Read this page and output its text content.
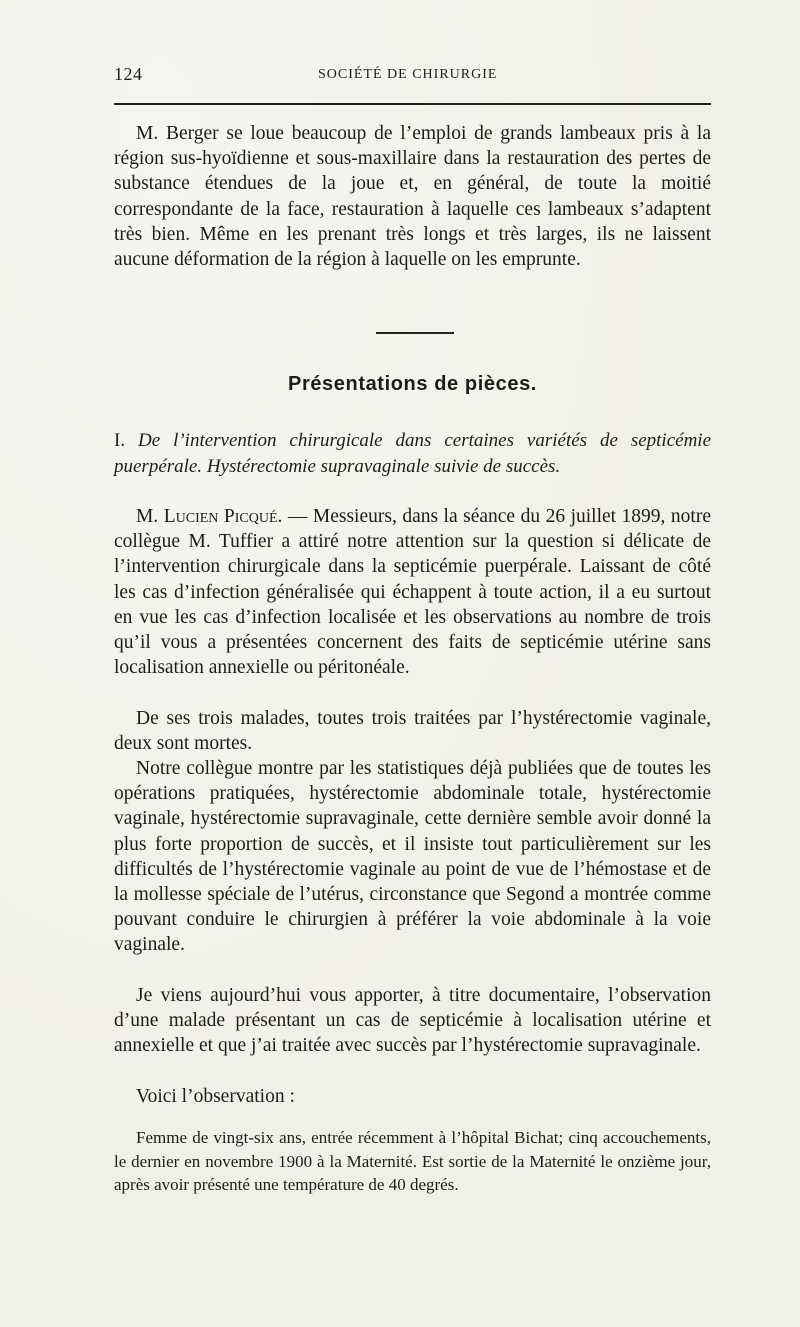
124	SOCIÉTÉ DE CHIRURGIE

M. Berger se loue beaucoup de l’emploi de grands lambeaux pris à la région sus-hyoïdienne et sous-maxillaire dans la restauration des pertes de substance étendues de la joue et, en général, de toute la moitié correspondante de la face, restauration à laquelle ces lambeaux s’adaptent très bien. Même en les prenant très longs et très larges, ils ne laissent aucune déformation de la région à laquelle on les emprunte.

Présentations de pièces.

I. De l’intervention chirurgicale dans certaines variétés de septicémie puerpérale. Hystérectomie supravaginale suivie de succès.

M. Lucien Picqué. — Messieurs, dans la séance du 26 juillet 1899, notre collègue M. Tuffier a attiré notre attention sur la question si délicate de l’intervention chirurgicale dans la septicémie puerpérale. Laissant de côté les cas d’infection généralisée qui échappent à toute action, il a eu surtout en vue les cas d’infection localisée et les observations au nombre de trois qu’il vous a présentées concernent des faits de septicémie utérine sans localisation annexielle ou péritonéale.

De ses trois malades, toutes trois traitées par l’hystérectomie vaginale, deux sont mortes.

Notre collègue montre par les statistiques déjà publiées que de toutes les opérations pratiquées, hystérectomie abdominale totale, hystérectomie vaginale, hystérectomie supravaginale, cette dernière semble avoir donné la plus forte proportion de succès, et il insiste tout particulièrement sur les difficultés de l’hystérectomie vaginale au point de vue de l’hémostase et de la mollesse spéciale de l’utérus, circonstance que Segond a montrée comme pouvant conduire le chirurgien à préférer la voie abdominale à la voie vaginale.

Je viens aujourd’hui vous apporter, à titre documentaire, l’observation d’une malade présentant un cas de septicémie à localisation utérine et annexielle et que j’ai traitée avec succès par l’hystérectomie supravaginale.

Voici l’observation :

Femme de vingt-six ans, entrée récemment à l’hôpital Bichat; cinq accouchements, le dernier en novembre 1900 à la Maternité. Est sortie de la Maternité le onzième jour, après avoir présenté une température de 40 degrés.
